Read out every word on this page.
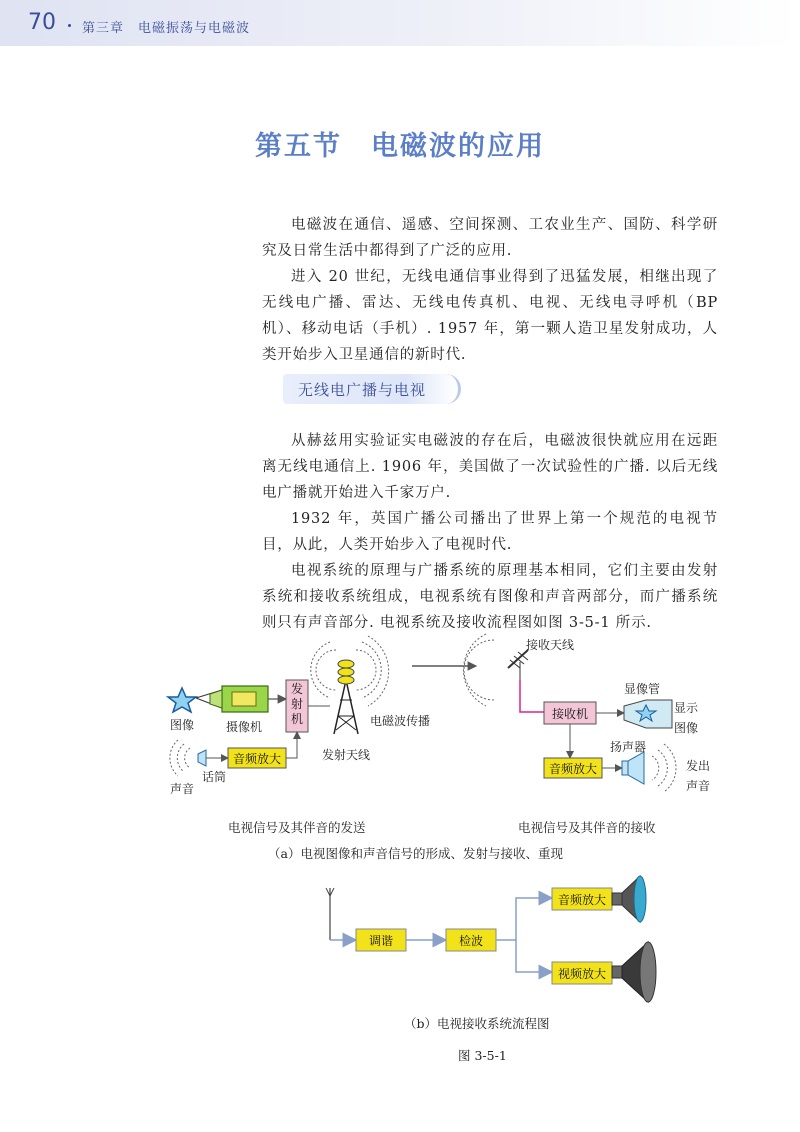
70 第三章　电磁振荡与电磁波
第五节　电磁波的应用

电磁波在通信、遥感、空间探测、工农业生产、国防、科学研究及日常生活中都得到了广泛的应用.

进入 20 世纪，无线电通信事业得到了迅猛发展，相继出现了无线电广播、雷达、无线电传真机、电视、无线电寻呼机（BP 机）、移动电话（手机）. 1957 年，第一颗人造卫星发射成功，人类开始步入卫星通信的新时代.

无线电广播与电视

从赫兹用实验证实电磁波的存在后，电磁波很快就应用在远距离无线电通信上. 1906 年，美国做了一次试验性的广播. 以后无线电广播就开始进入千家万户.

1932 年，英国广播公司播出了世界上第一个规范的电视节目，从此，人类开始步入了电视时代.

电视系统的原理与广播系统的原理基本相同，它们主要由发射系统和接收系统组成，电视系统有图像和声音两部分，而广播系统则只有声音部分. 电视系统及接收流程图如图 3-5-1 所示.

图像	摄像机
发射机	电磁波传播
音频放大
话筒
声音
发射天线
接收天线
显像管
显示图像
接收机
扬声器
音频放大	发出声音
电视信号及其伴音的发送	电视信号及其伴音的接收
（a）电视图像和声音信号的形成、发射与接收、重现
调谐	检波
音频放大
视频放大
（b）电视接收系统流程图
图 3-5-1
